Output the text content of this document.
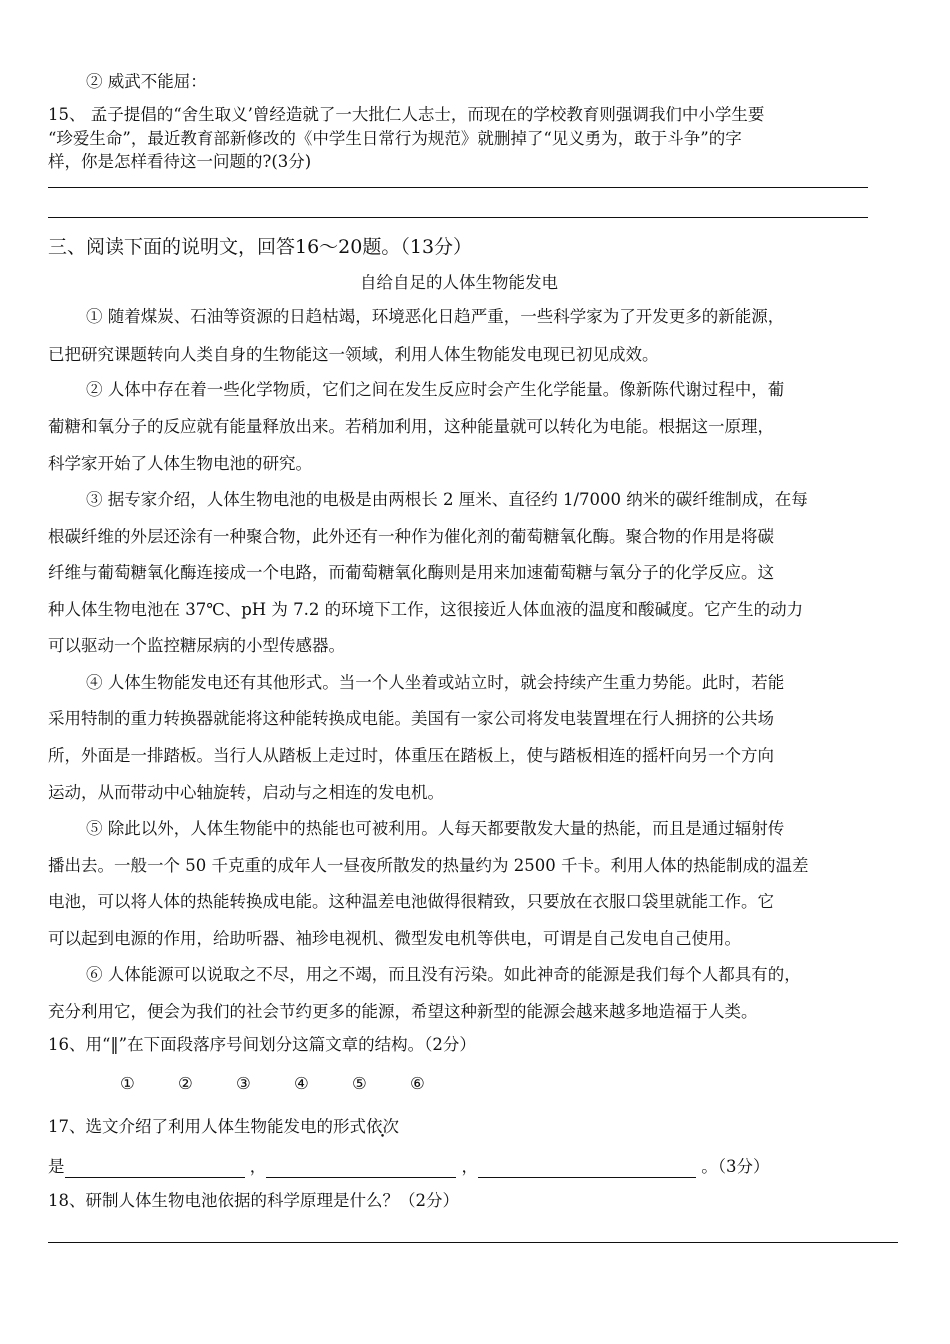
② 威武不能屈：
15、 孟子提倡的“舍生取义’曾经造就了一大批仁人志士，而现在的学校教育则强调我们中小学生要
“珍爱生命”，最近教育部新修改的《中学生日常行为规范》就删掉了“见义勇为，敢于斗争”的字
样，你是怎样看待这一问题的?(3分)
三、阅读下面的说明文，回答16～20题。（13分）
自给自足的人体生物能发电
① 随着煤炭、石油等资源的日趋枯竭，环境恶化日趋严重，一些科学家为了开发更多的新能源，
已把研究课题转向人类自身的生物能这一领域，利用人体生物能发电现已初见成效。
② 人体中存在着一些化学物质，它们之间在发生反应时会产生化学能量。像新陈代谢过程中，葡
葡糖和氧分子的反应就有能量释放出来。若稍加利用，这种能量就可以转化为电能。根据这一原理，
科学家开始了人体生物电池的研究。
③ 据专家介绍，人体生物电池的电极是由两根长 2 厘米、直径约 1/7000 纳米的碳纤维制成，在每
根碳纤维的外层还涂有一种聚合物，此外还有一种作为催化剂的葡萄糖氧化酶。聚合物的作用是将碳
纤维与葡萄糖氧化酶连接成一个电路，而葡萄糖氧化酶则是用来加速葡萄糖与氧分子的化学反应。这
种人体生物电池在 37℃、pH 为 7.2 的环境下工作，这很接近人体血液的温度和酸碱度。它产生的动力
可以驱动一个监控糖尿病的小型传感器。
④ 人体生物能发电还有其他形式。当一个人坐着或站立时，就会持续产生重力势能。此时，若能
采用特制的重力转换器就能将这种能转换成电能。美国有一家公司将发电装置埋在行人拥挤的公共场
所，外面是一排踏板。当行人从踏板上走过时，体重压在踏板上，使与踏板相连的摇杆向另一个方向
运动，从而带动中心轴旋转，启动与之相连的发电机。
⑤ 除此以外，人体生物能中的热能也可被利用。人每天都要散发大量的热能，而且是通过辐射传
播出去。一般一个 50 千克重的成年人一昼夜所散发的热量约为 2500 千卡。利用人体的热能制成的温差
电池，可以将人体的热能转换成电能。这种温差电池做得很精致，只要放在衣服口袋里就能工作。它
可以起到电源的作用，给助听器、袖珍电视机、微型发电机等供电，可谓是自己发电自己使用。
⑥ 人体能源可以说取之不尽，用之不竭，而且没有污染。如此神奇的能源是我们每个人都具有的，
充分利用它，便会为我们的社会节约更多的能源，希望这种新型的能源会越来越多地造福于人类。
16、用“‖”在下面段落序号间划分这篇文章的结构。（2分）
①	②	③	④	⑤	⑥
17、选文介绍了利用人体生物能发电的形式依次
是	，	，	。（3分）
18、研制人体生物电池依据的科学原理是什么？（2分）
